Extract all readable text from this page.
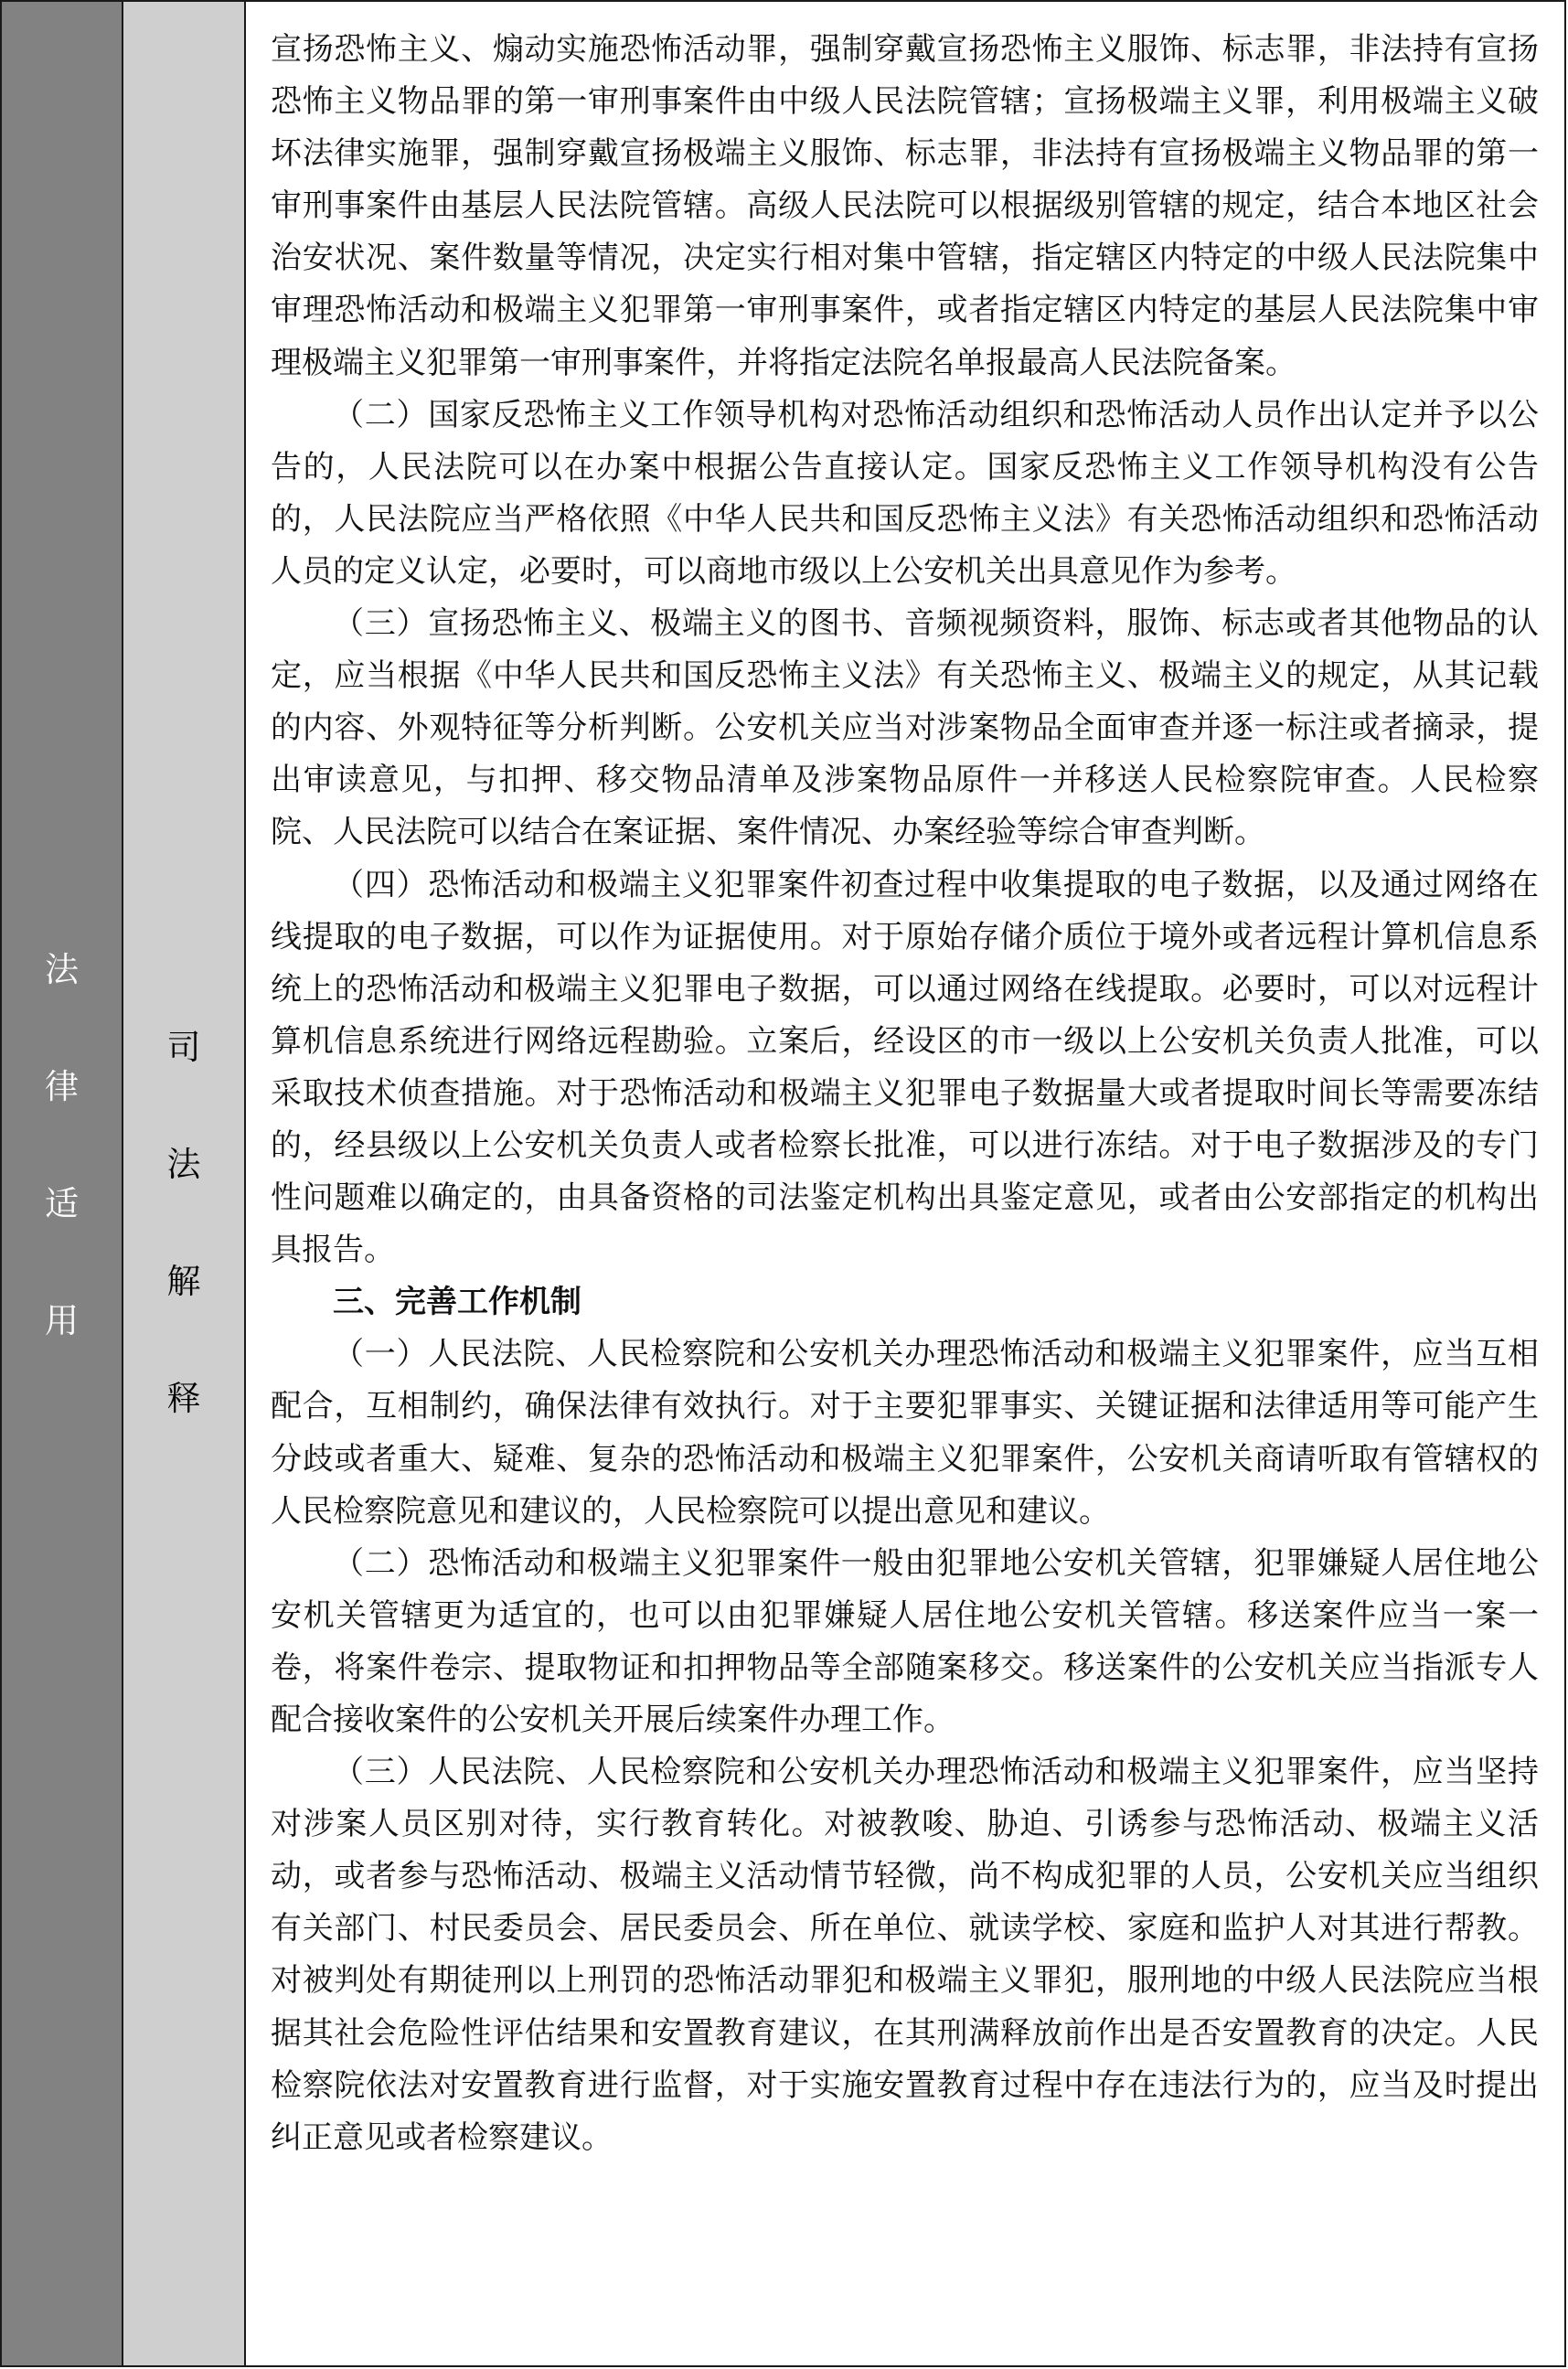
法
律
适
用
司
法
解
释

宣扬恐怖主义、煽动实施恐怖活动罪，强制穿戴宣扬恐怖主义服饰、标志罪，非法持有宣扬恐怖主义物品罪的第一审刑事案件由中级人民法院管辖；宣扬极端主义罪，利用极端主义破坏法律实施罪，强制穿戴宣扬极端主义服饰、标志罪，非法持有宣扬极端主义物品罪的第一审刑事案件由基层人民法院管辖。高级人民法院可以根据级别管辖的规定，结合本地区社会治安状况、案件数量等情况，决定实行相对集中管辖，指定辖区内特定的中级人民法院集中审理恐怖活动和极端主义犯罪第一审刑事案件，或者指定辖区内特定的基层人民法院集中审理极端主义犯罪第一审刑事案件，并将指定法院名单报最高人民法院备案。

（二）国家反恐怖主义工作领导机构对恐怖活动组织和恐怖活动人员作出认定并予以公告的，人民法院可以在办案中根据公告直接认定。国家反恐怖主义工作领导机构没有公告的，人民法院应当严格依照《中华人民共和国反恐怖主义法》有关恐怖活动组织和恐怖活动人员的定义认定，必要时，可以商地市级以上公安机关出具意见作为参考。

（三）宣扬恐怖主义、极端主义的图书、音频视频资料，服饰、标志或者其他物品的认定，应当根据《中华人民共和国反恐怖主义法》有关恐怖主义、极端主义的规定，从其记载的内容、外观特征等分析判断。公安机关应当对涉案物品全面审查并逐一标注或者摘录，提出审读意见，与扣押、移交物品清单及涉案物品原件一并移送人民检察院审查。人民检察院、人民法院可以结合在案证据、案件情况、办案经验等综合审查判断。

（四）恐怖活动和极端主义犯罪案件初查过程中收集提取的电子数据，以及通过网络在线提取的电子数据，可以作为证据使用。对于原始存储介质位于境外或者远程计算机信息系统上的恐怖活动和极端主义犯罪电子数据，可以通过网络在线提取。必要时，可以对远程计算机信息系统进行网络远程勘验。立案后，经设区的市一级以上公安机关负责人批准，可以采取技术侦查措施。对于恐怖活动和极端主义犯罪电子数据量大或者提取时间长等需要冻结的，经县级以上公安机关负责人或者检察长批准，可以进行冻结。对于电子数据涉及的专门性问题难以确定的，由具备资格的司法鉴定机构出具鉴定意见，或者由公安部指定的机构出具报告。

三、完善工作机制

（一）人民法院、人民检察院和公安机关办理恐怖活动和极端主义犯罪案件，应当互相配合，互相制约，确保法律有效执行。对于主要犯罪事实、关键证据和法律适用等可能产生分歧或者重大、疑难、复杂的恐怖活动和极端主义犯罪案件，公安机关商请听取有管辖权的人民检察院意见和建议的，人民检察院可以提出意见和建议。

（二）恐怖活动和极端主义犯罪案件一般由犯罪地公安机关管辖，犯罪嫌疑人居住地公安机关管辖更为适宜的，也可以由犯罪嫌疑人居住地公安机关管辖。移送案件应当一案一卷，将案件卷宗、提取物证和扣押物品等全部随案移交。移送案件的公安机关应当指派专人配合接收案件的公安机关开展后续案件办理工作。

（三）人民法院、人民检察院和公安机关办理恐怖活动和极端主义犯罪案件，应当坚持对涉案人员区别对待，实行教育转化。对被教唆、胁迫、引诱参与恐怖活动、极端主义活动，或者参与恐怖活动、极端主义活动情节轻微，尚不构成犯罪的人员，公安机关应当组织有关部门、村民委员会、居民委员会、所在单位、就读学校、家庭和监护人对其进行帮教。对被判处有期徒刑以上刑罚的恐怖活动罪犯和极端主义罪犯，服刑地的中级人民法院应当根据其社会危险性评估结果和安置教育建议，在其刑满释放前作出是否安置教育的决定。人民检察院依法对安置教育进行监督，对于实施安置教育过程中存在违法行为的，应当及时提出纠正意见或者检察建议。
